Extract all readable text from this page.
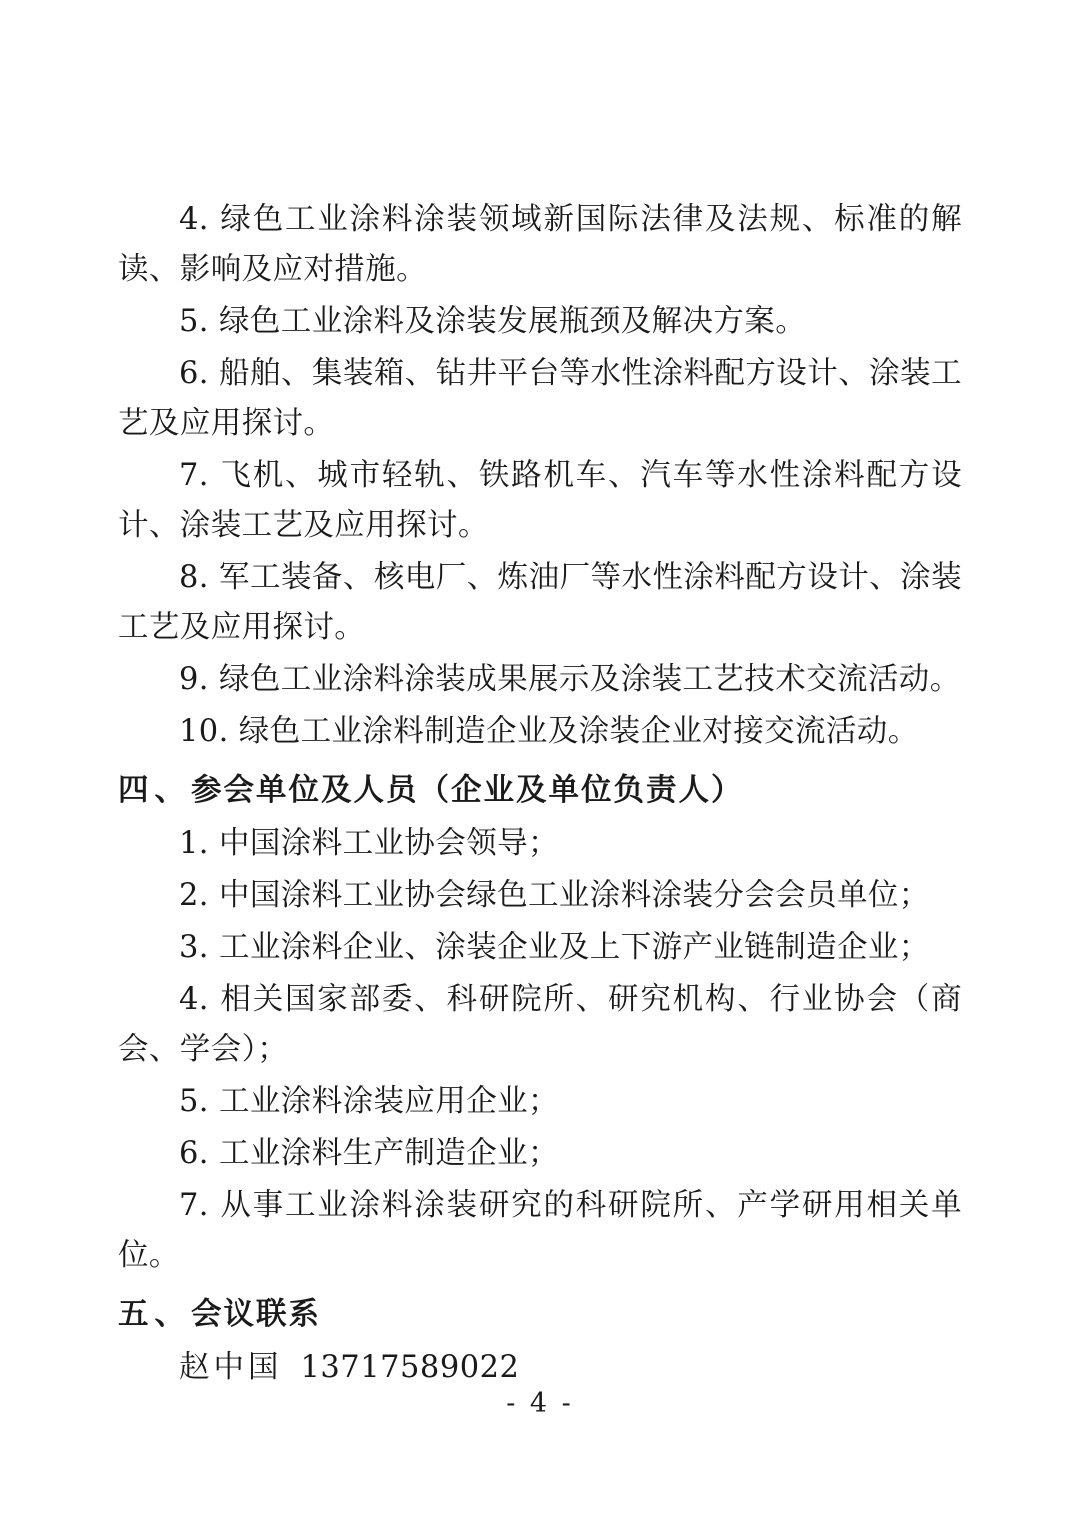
4. 绿色工业涂料涂装领域新国际法律及法规、标准的解读、影响及应对措施。

5. 绿色工业涂料及涂装发展瓶颈及解决方案。

6. 船舶、集装箱、钻井平台等水性涂料配方设计、涂装工艺及应用探讨。

7. 飞机、城市轻轨、铁路机车、汽车等水性涂料配方设计、涂装工艺及应用探讨。

8. 军工装备、核电厂、炼油厂等水性涂料配方设计、涂装工艺及应用探讨。

9. 绿色工业涂料涂装成果展示及涂装工艺技术交流活动。

10. 绿色工业涂料制造企业及涂装企业对接交流活动。

四、参会单位及人员（企业及单位负责人）

1. 中国涂料工业协会领导；

2. 中国涂料工业协会绿色工业涂料涂装分会会员单位；

3. 工业涂料企业、涂装企业及上下游产业链制造企业；

4. 相关国家部委、科研院所、研究机构、行业协会（商会、学会）；

5. 工业涂料涂装应用企业；

6. 工业涂料生产制造企业；

7. 从事工业涂料涂装研究的科研院所、产学研用相关单位。

五、会议联系

赵中国 13717589022

- 4 -
